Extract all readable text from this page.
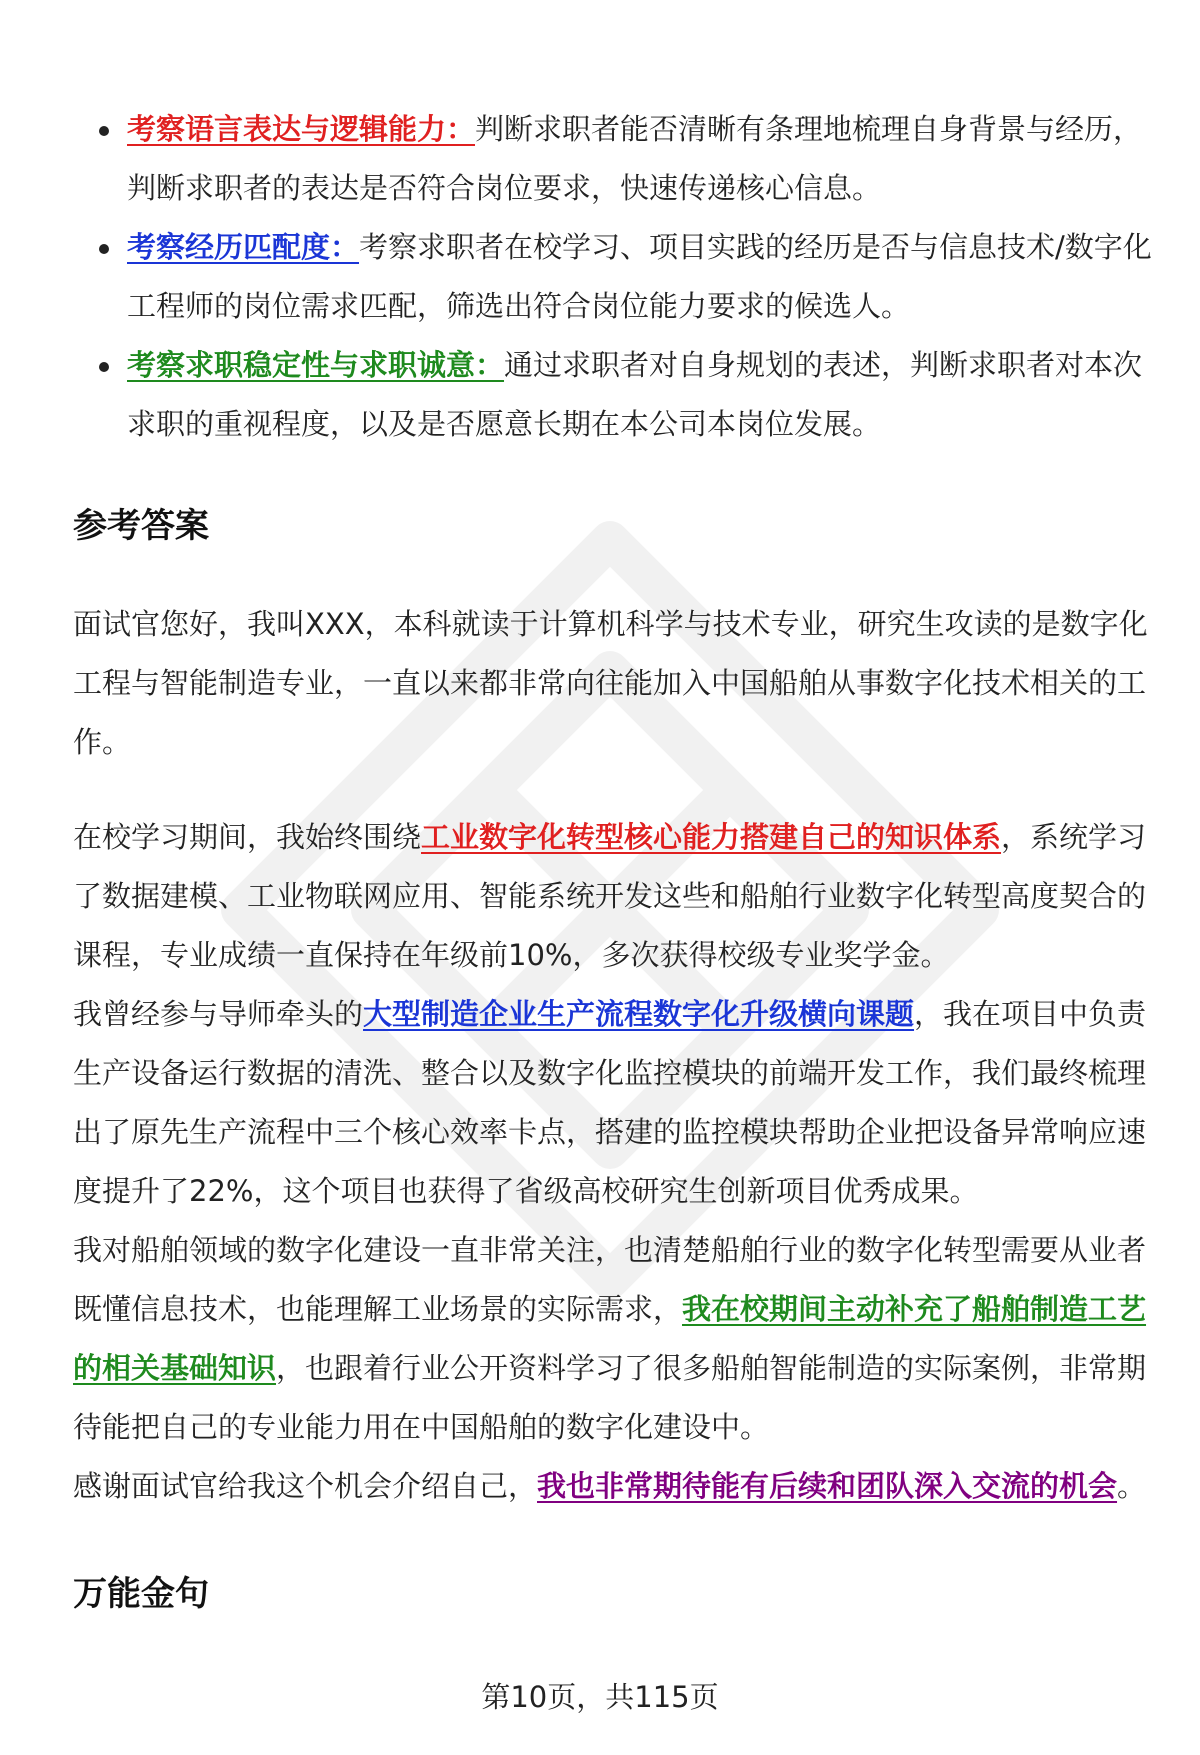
考察语言表达与逻辑能力：判断求职者能否清晰有条理地梳理自身背景与经历，判断求职者的表达是否符合岗位要求，快速传递核心信息。
考察经历匹配度：考察求职者在校学习、项目实践的经历是否与信息技术/数字化工程师的岗位需求匹配，筛选出符合岗位能力要求的候选人。
考察求职稳定性与求职诚意：通过求职者对自身规划的表述，判断求职者对本次求职的重视程度，以及是否愿意长期在本公司本岗位发展。
参考答案

面试官您好，我叫XXX，本科就读于计算机科学与技术专业，研究生攻读的是数字化工程与智能制造专业，一直以来都非常向往能加入中国船舶从事数字化技术相关的工作。

在校学习期间，我始终围绕工业数字化转型核心能力搭建自己的知识体系，系统学习了数据建模、工业物联网应用、智能系统开发这些和船舶行业数字化转型高度契合的课程，专业成绩一直保持在年级前10%，多次获得校级专业奖学金。

我曾经参与导师牵头的大型制造企业生产流程数字化升级横向课题，我在项目中负责生产设备运行数据的清洗、整合以及数字化监控模块的前端开发工作，我们最终梳理出了原先生产流程中三个核心效率卡点，搭建的监控模块帮助企业把设备异常响应速度提升了22%，这个项目也获得了省级高校研究生创新项目优秀成果。

我对船舶领域的数字化建设一直非常关注，也清楚船舶行业的数字化转型需要从业者既懂信息技术，也能理解工业场景的实际需求，我在校期间主动补充了船舶制造工艺的相关基础知识，也跟着行业公开资料学习了很多船舶智能制造的实际案例，非常期待能把自己的专业能力用在中国船舶的数字化建设中。

感谢面试官给我这个机会介绍自己，我也非常期待能有后续和团队深入交流的机会。

万能金句
第10页，共115页
